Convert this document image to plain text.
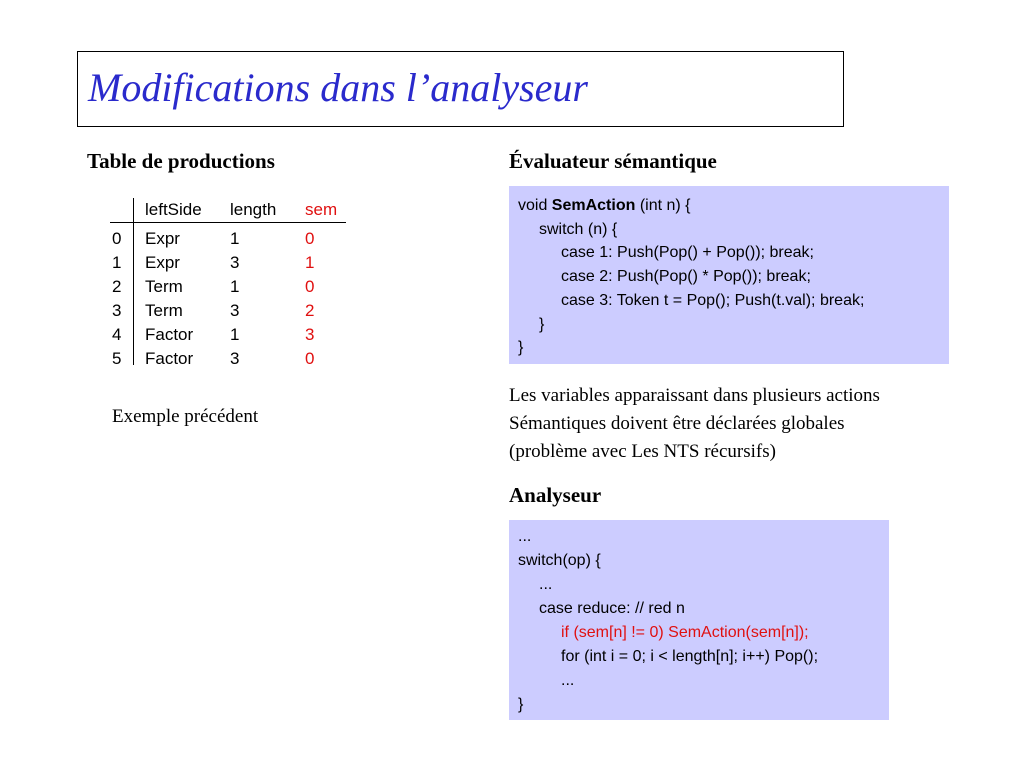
Modifications dans l’analyseur
Table de productions
leftSide length sem
0 Expr	1	0
1 Expr	3	1
2 Term	1	0
3 Term	3	2
4 Factor 1	3
5 Factor 3	0
Exemple précédent
Évaluateur sémantique
void SemAction (int n) {
switch (n) {
case 1: Push(Pop() + Pop()); break;
case 2: Push(Pop() * Pop()); break;
case 3: Token t = Pop(); Push(t.val); break;
}
}
Les variables apparaissant dans plusieurs actions
Sémantiques doivent être déclarées globales
(problème avec Les NTS récursifs)
Analyseur
...
switch(op) {
...
case reduce: // red n
if (sem[n] != 0) SemAction(sem[n]);
for (int i = 0; i < length[n]; i++) Pop();
...
}
